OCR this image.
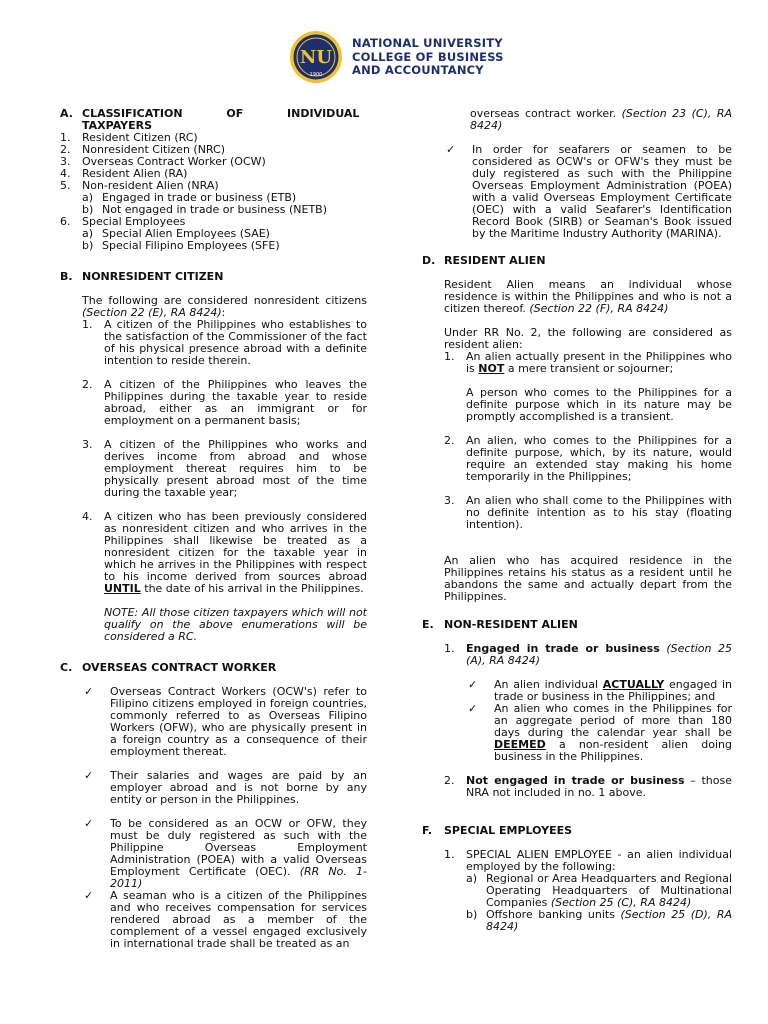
NU
1900
NATIONAL UNIVERSITY
COLLEGE OF BUSINESS
AND ACCOUNTANCY
A. CLASSIFICATION OF INDIVIDUAL TAXPAYERS
1.	Resident Citizen (RC)
2.	Nonresident Citizen (NRC)
3.	Overseas Contract Worker (OCW)
4.	Resident Alien (RA)
5.	Non-resident Alien (NRA)
a) Engaged in trade or business (ETB)
b) Not engaged in trade or business (NETB)
6.	Special Employees
a) Special Alien Employees (SAE)
b) Special Filipino Employees (SFE)
B. NONRESIDENT CITIZEN
The following are considered nonresident citizens (Section 22 (E), RA 8424):
1.	A citizen of the Philippines who establishes to the satisfaction of the Commissioner of the fact of his physical presence abroad with a definite intention to reside therein.
2.	A citizen of the Philippines who leaves the Philippines during the taxable year to reside abroad, either as an immigrant or for employment on a permanent basis;
3.	A citizen of the Philippines who works and derives income from abroad and whose employment thereat requires him to be physically present abroad most of the time during the taxable year;
4.	A citizen who has been previously considered as nonresident citizen and who arrives in the Philippines shall likewise be treated as a nonresident citizen for the taxable year in which he arrives in the Philippines with respect to his income derived from sources abroad UNTIL the date of his arrival in the Philippines.
NOTE: All those citizen taxpayers which will not qualify on the above enumerations will be considered a RC.
C. OVERSEAS CONTRACT WORKER
✓	Overseas Contract Workers (OCW's) refer to Filipino citizens employed in foreign countries, commonly referred to as Overseas Filipino Workers (OFW), who are physically present in a foreign country as a consequence of their employment thereat.
✓	Their salaries and wages are paid by an employer abroad and is not borne by any entity or person in the Philippines.
✓	To be considered as an OCW or OFW, they must be duly registered as such with the Philippine Overseas Employment Administration (POEA) with a valid Overseas Employment Certificate (OEC). (RR No. 1-2011)
✓	A seaman who is a citizen of the Philippines and who receives compensation for services rendered abroad as a member of the complement of a vessel engaged exclusively in international trade shall be treated as an
overseas contract worker. (Section 23 (C), RA 8424)
✓	In order for seafarers or seamen to be considered as OCW's or OFW's they must be duly registered as such with the Philippine Overseas Employment Administration (POEA) with a valid Overseas Employment Certificate (OEC) with a valid Seafarer's Identification Record Book (SIRB) or Seaman's Book issued by the Maritime Industry Authority (MARINA).
D. RESIDENT ALIEN
Resident Alien means an individual whose residence is within the Philippines and who is not a citizen thereof. (Section 22 (F), RA 8424)
Under RR No. 2, the following are considered as resident alien:
1.	An alien actually present in the Philippines who is NOT a mere transient or sojourner;
A person who comes to the Philippines for a definite purpose which in its nature may be promptly accomplished is a transient.
2.	An alien, who comes to the Philippines for a definite purpose, which, by its nature, would require an extended stay making his home temporarily in the Philippines;
3.	An alien who shall come to the Philippines with no definite intention as to his stay (floating intention).
An alien who has acquired residence in the Philippines retains his status as a resident until he abandons the same and actually depart from the Philippines.
E. NON-RESIDENT ALIEN
1.	Engaged in trade or business (Section 25 (A), RA 8424)
✓	An alien individual ACTUALLY engaged in trade or business in the Philippines; and
✓	An alien who comes in the Philippines for an aggregate period of more than 180 days during the calendar year shall be DEEMED a non-resident alien doing business in the Philippines.
2.	Not engaged in trade or business – those NRA not included in no. 1 above.
F.	SPECIAL EMPLOYEES
1.	SPECIAL ALIEN EMPLOYEE - an alien individual employed by the following:
a) Regional or Area Headquarters and Regional Operating Headquarters of Multinational Companies (Section 25 (C), RA 8424)
b) Offshore banking units (Section 25 (D), RA 8424)
